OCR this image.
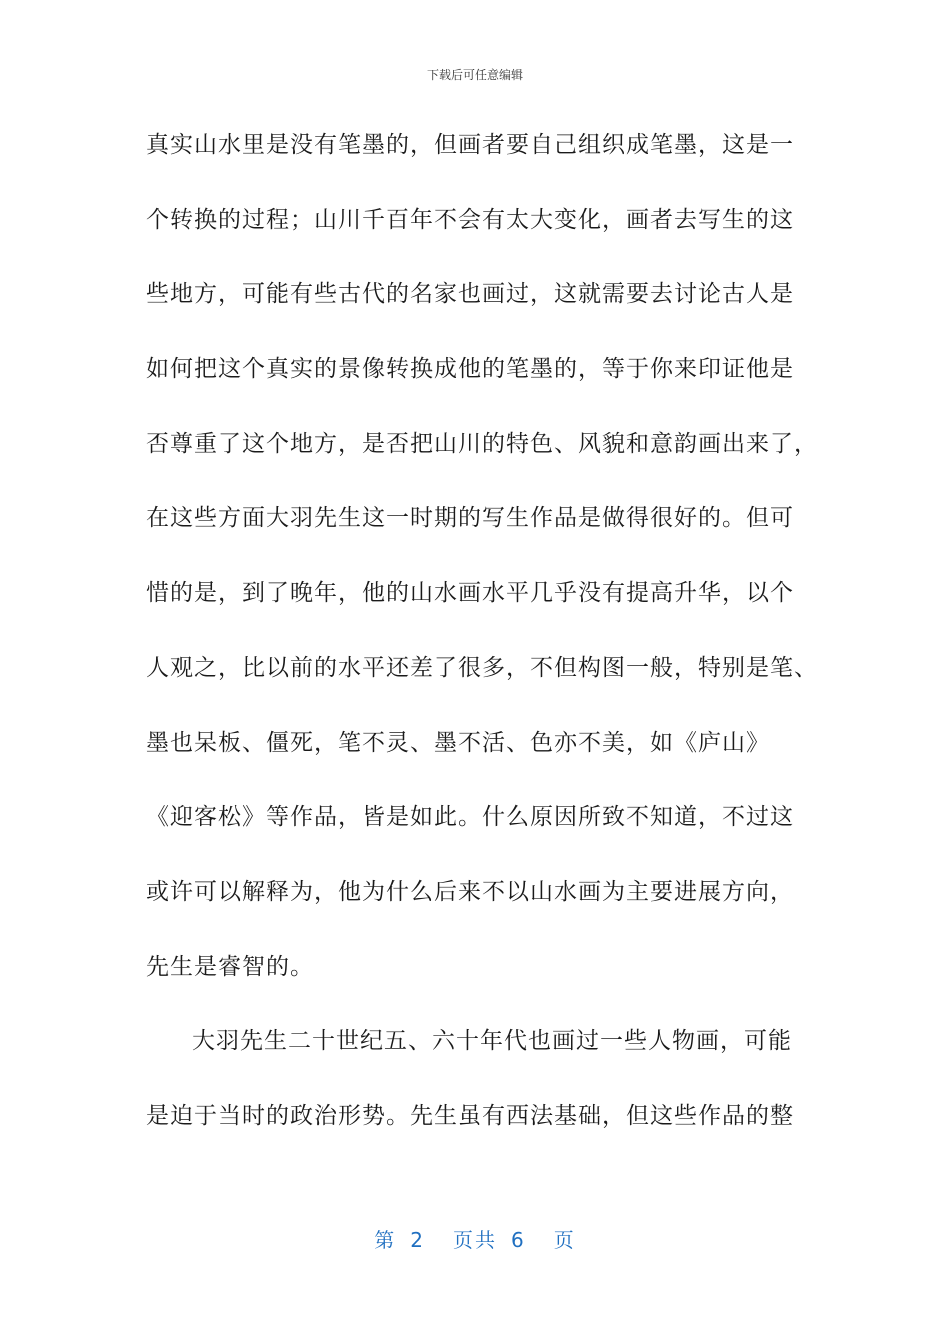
下载后可任意编辑
真实山水里是没有笔墨的，但画者要自己组织成笔墨，这是一
个转换的过程；山川千百年不会有太大变化，画者去写生的这
些地方，可能有些古代的名家也画过，这就需要去讨论古人是
如何把这个真实的景像转换成他的笔墨的，等于你来印证他是
否尊重了这个地方，是否把山川的特色、风貌和意韵画出来了，
在这些方面大羽先生这一时期的写生作品是做得很好的。但可
惜的是，到了晚年，他的山水画水平几乎没有提高升华，以个
人观之，比以前的水平还差了很多，不但构图一般，特别是笔、
墨也呆板、僵死，笔不灵、墨不活、色亦不美，如《庐山》
《迎客松》等作品，皆是如此。什么原因所致不知道，不过这
或许可以解释为，他为什么后来不以山水画为主要进展方向，
先生是睿智的。
大羽先生二十世纪五、六十年代也画过一些人物画，可能
是迫于当时的政治形势。先生虽有西法基础，但这些作品的整
第 2 页共 6 页
